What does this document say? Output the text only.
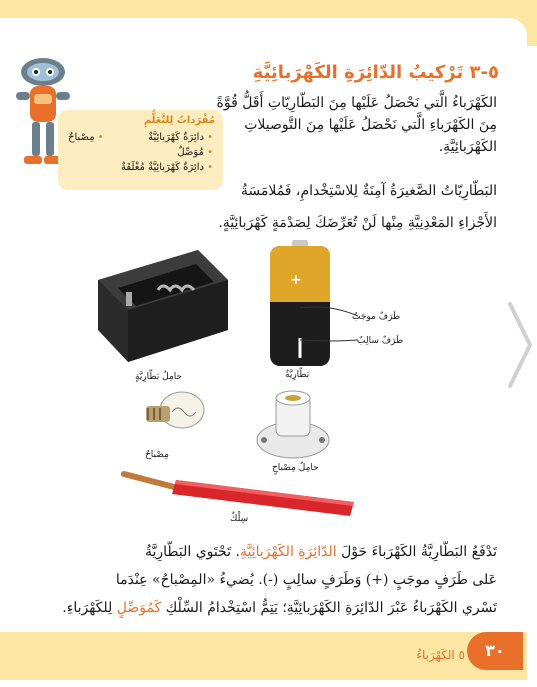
٥-٣ تَرْكيبُ الدّائِرَةِ الكَهْرَبائِيَّةِ
الكَهْرَباءُ الَّتي نَحْصَلُ عَلَيْها مِنَ البَطّارِيّاتِ أَقَلُّ قُوَّةً مِنَ الكَهْرَباءِ الَّتي نَحْصَلُ عَلَيْها مِنَ التَّوصيلاتِ الكَهْرَبائِيَّةِ.
مُفْرَداتٌ لِلتَّعَلُّمِ
• دائِرَةٌ كَهْرَبائِيَّةٌ
• مُوَصِّلٌ
• دائِرَةٌ كَهْرَبائِيَّةٌ مُغْلَقَةٌ
• مِصْباحٌ
البَطّارِيّاتُ الصَّغيرَةُ آمِنَةٌ لِلاسْتِخْدامِ، فَمُلامَسَةُ
الأَجْزاءِ المَعْدِنِيَّةِ مِنْها لَنْ تُعَرِّضَكَ لِصَدْمَةٍ كَهْرَبائِيَّةٍ.
حامِلُ بَطّارِيَّةٍ
+
بَطّارِيَّةٌ
طَرَفٌ موجَبٌ
طَرَفٌ سالِبٌ
مِصْباحٌ
حامِلُ مِصْباحٍ
سِلْكٌ
تَدْفَعُ البَطّارِيَّةُ الكَهْرَباءَ حَوْلَ الدّائِرَةِ الكَهْرَبائِيَّةِ. تَحْتَوي البَطّارِيَّةُ
عَلى طَرَفٍ موجَبٍ (+) وَطَرَفٍ سالِبٍ (-). يُضيءُ «المِصْباحُ» عِنْدَما
تَسْري الكَهْرَباءُ عَبْرَ الدّائِرَةِ الكَهْرَبائِيَّةِ؛ يَتِمُّ اسْتِخْدامُ السِّلْكِ كَمُوَصِّلٍ لِلكَهْرَباءِ.
٥ الكَهْرَباءُ	٣٠
